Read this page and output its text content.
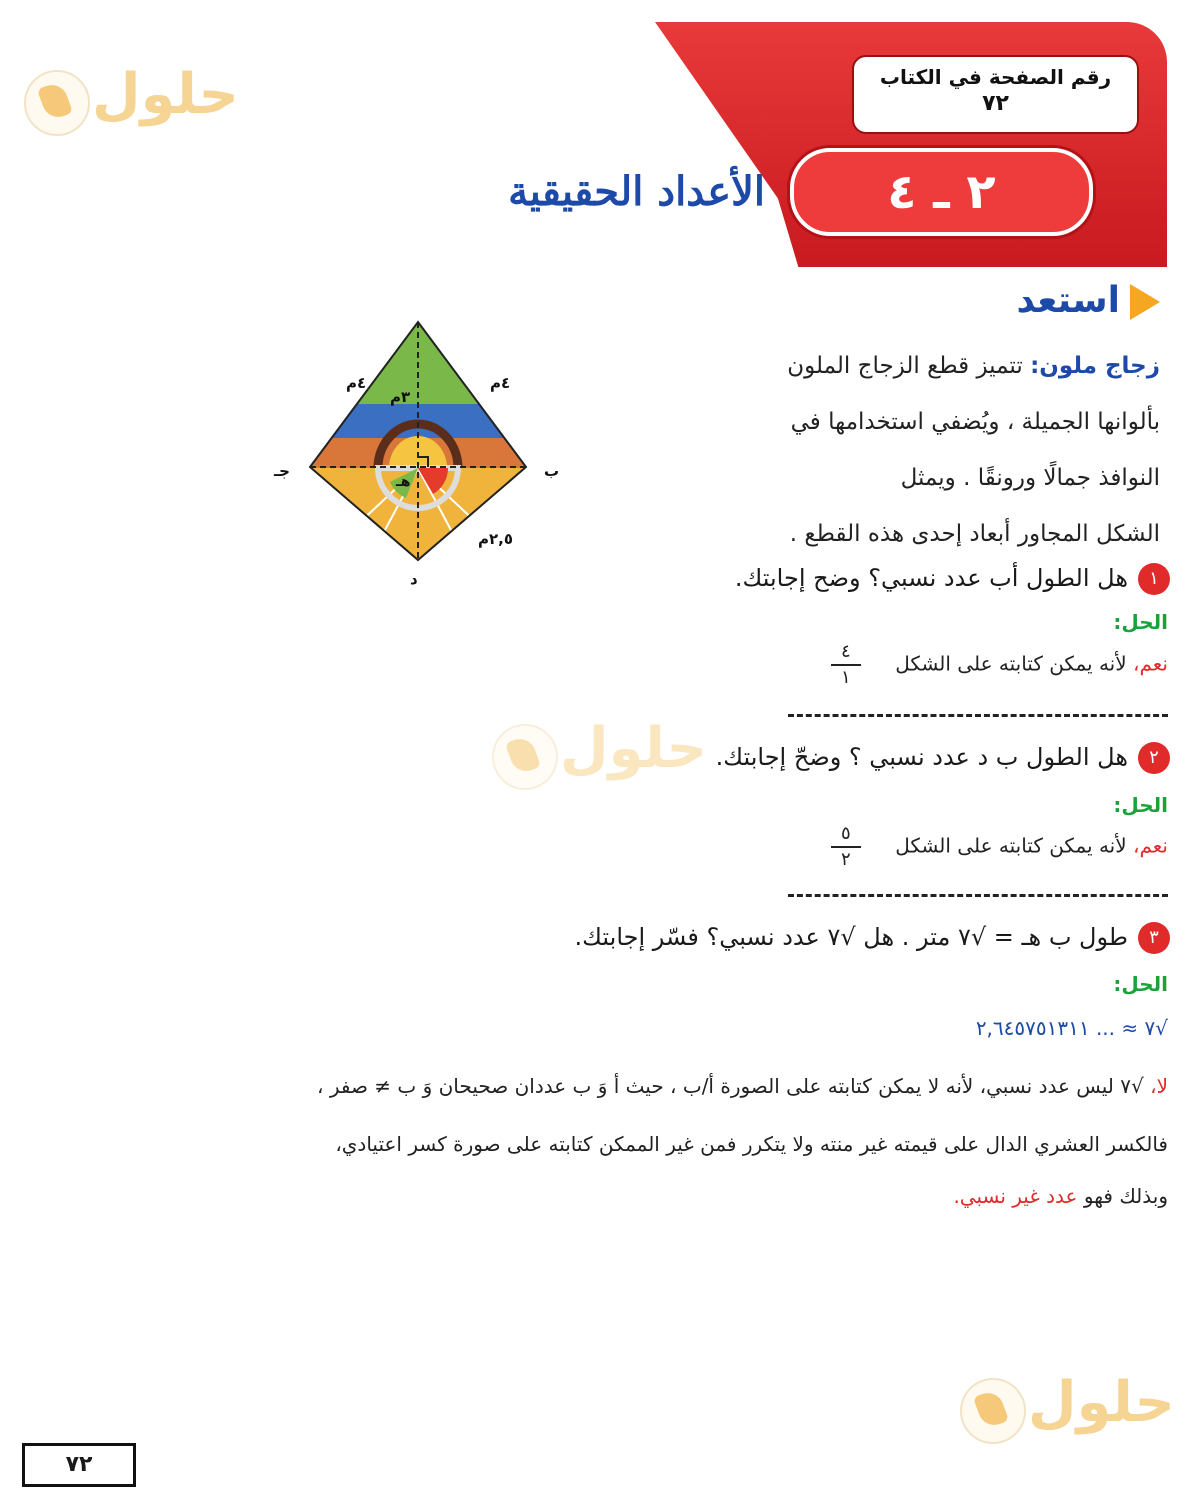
رقم الصفحة في الكتاب
٧٢
٢ ـ ٤
الأعداد الحقيقية
حلول
حلول
حلول
استعد
زجاج ملون: تتميز قطع الزجاج الملون
بألوانها الجميلة ، ويُضفي استخدامها في
النوافذ جمالًا ورونقًا . ويمثل
الشكل المجاور أبعاد إحدى هذه القطع .
٤م	٤م
٣م
٢,٥م
جـ	ب
د
هـ
١هل الطول أب عدد نسبي؟ وضح إجابتك.
الحل:
نعم، لأنه يمكن كتابته على الشكل $\frac{٤}{١}$
٢هل الطول ب د عدد نسبي ؟ وضحّ إجابتك.
الحل:
نعم، لأنه يمكن كتابته على الشكل $\frac{٥}{٢}$
٣طول ب هـ = √٧ متر . هل √٧ عدد نسبي؟ فسّر إجابتك.
الحل:
√٧ ≈ ... ٢,٦٤٥٧٥١٣١١
لا، √٧ ليس عدد نسبي، لأنه لا يمكن كتابته على الصورة أ/ب ، حيث أ وَ ب عددان صحيحان وَ ب ≠ صفر ،
فالكسر العشري الدال على قيمته غير منته ولا يتكرر فمن غير الممكن كتابته على صورة كسر اعتيادي،
وبذلك فهو عدد غير نسبي.
٧٢
